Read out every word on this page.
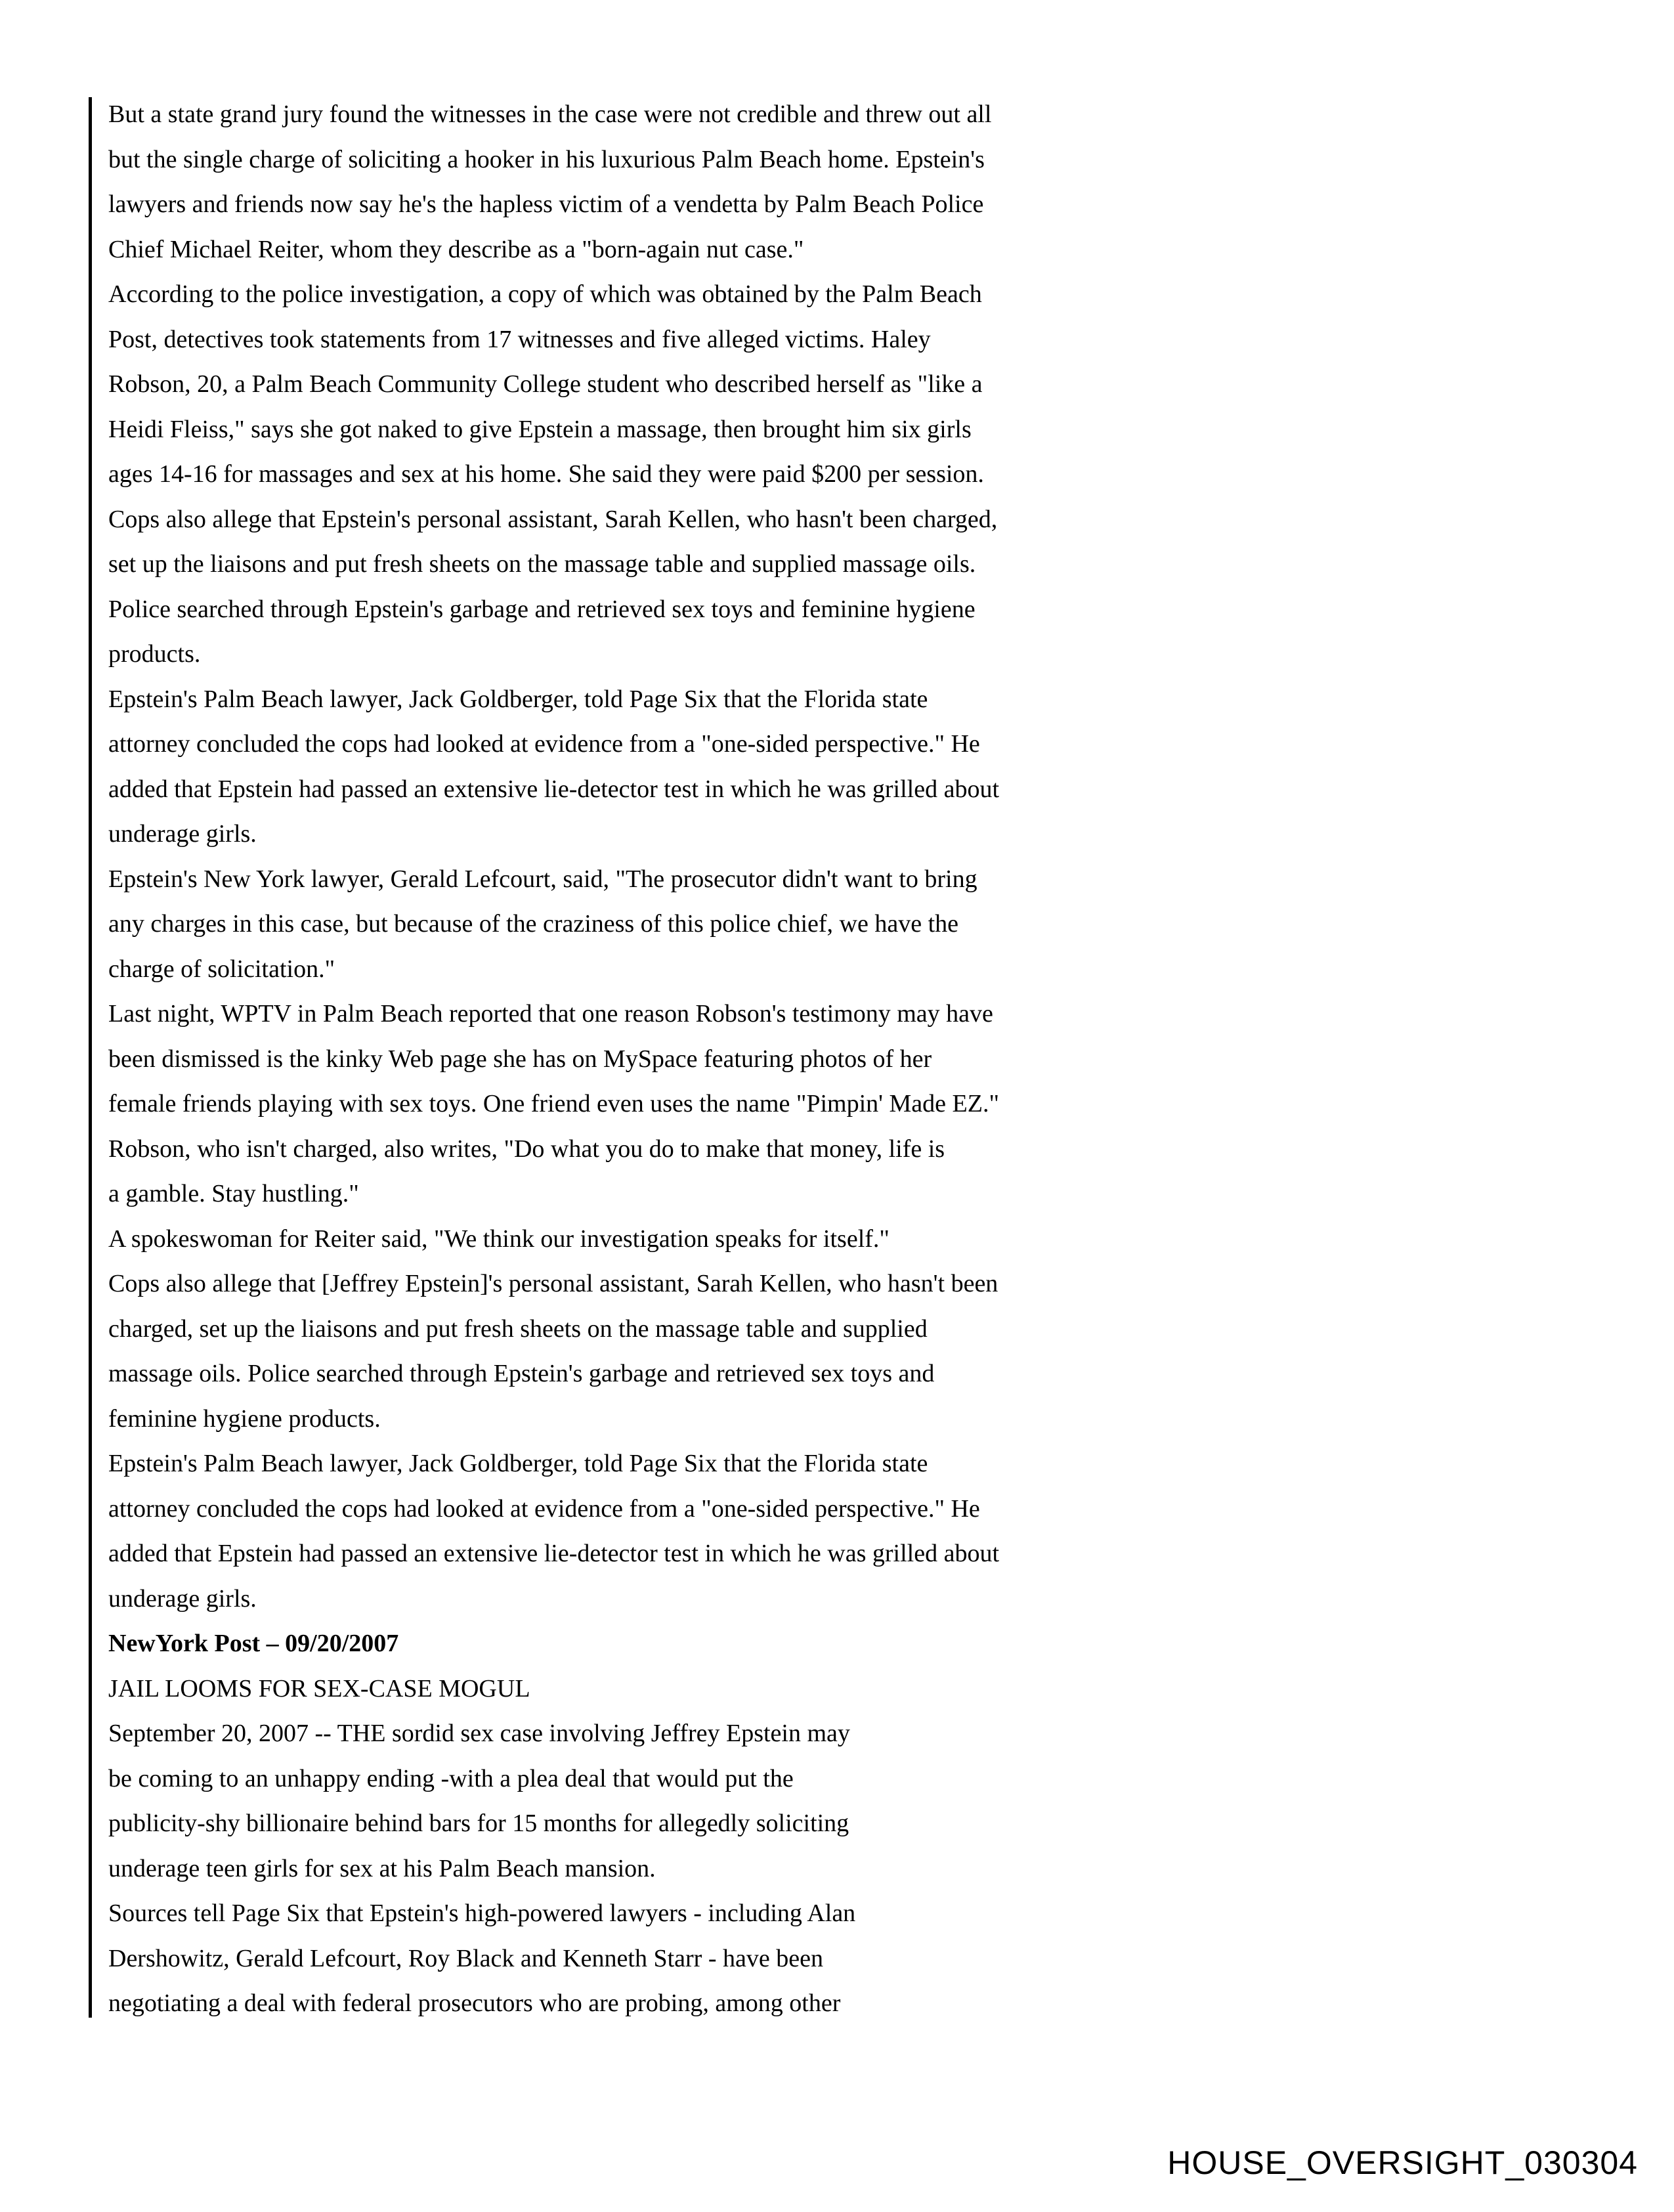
But a state grand jury found the witnesses in the case were not credible and threw out all
but the single charge of soliciting a hooker in his luxurious Palm Beach home. Epstein's
lawyers and friends now say he's the hapless victim of a vendetta by Palm Beach Police
Chief Michael Reiter, whom they describe as a "born-again nut case."
According to the police investigation, a copy of which was obtained by the Palm Beach
Post, detectives took statements from 17 witnesses and five alleged victims. Haley
Robson, 20, a Palm Beach Community College student who described herself as "like a
Heidi Fleiss," says she got naked to give Epstein a massage, then brought him six girls
ages 14-16 for massages and sex at his home. She said they were paid $200 per session.
Cops also allege that Epstein's personal assistant, Sarah Kellen, who hasn't been charged,
set up the liaisons and put fresh sheets on the massage table and supplied massage oils.
Police searched through Epstein's garbage and retrieved sex toys and feminine hygiene
products.
Epstein's Palm Beach lawyer, Jack Goldberger, told Page Six that the Florida state
attorney concluded the cops had looked at evidence from a "one-sided perspective." He
added that Epstein had passed an extensive lie-detector test in which he was grilled about
underage girls.
Epstein's New York lawyer, Gerald Lefcourt, said, "The prosecutor didn't want to bring
any charges in this case, but because of the craziness of this police chief, we have the
charge of solicitation."
Last night, WPTV in Palm Beach reported that one reason Robson's testimony may have
been dismissed is the kinky Web page she has on MySpace featuring photos of her
female friends playing with sex toys. One friend even uses the name "Pimpin' Made EZ."
Robson, who isn't charged, also writes, "Do what you do to make that money, life is
a gamble. Stay hustling."
A spokeswoman for Reiter said, "We think our investigation speaks for itself."
Cops also allege that [Jeffrey Epstein]'s personal assistant, Sarah Kellen, who hasn't been
charged, set up the liaisons and put fresh sheets on the massage table and supplied
massage oils. Police searched through Epstein's garbage and retrieved sex toys and
feminine hygiene products.
Epstein's Palm Beach lawyer, Jack Goldberger, told Page Six that the Florida state
attorney concluded the cops had looked at evidence from a "one-sided perspective." He
added that Epstein had passed an extensive lie-detector test in which he was grilled about
underage girls.
NewYork Post – 09/20/2007
JAIL LOOMS FOR SEX-CASE MOGUL
September 20, 2007 -- THE sordid sex case involving Jeffrey Epstein may
be coming to an unhappy ending -with a plea deal that would put the
publicity-shy billionaire behind bars for 15 months for allegedly soliciting
underage teen girls for sex at his Palm Beach mansion.
Sources tell Page Six that Epstein's high-powered lawyers - including Alan
Dershowitz, Gerald Lefcourt, Roy Black and Kenneth Starr - have been
negotiating a deal with federal prosecutors who are probing, among other
HOUSE_OVERSIGHT_030304
